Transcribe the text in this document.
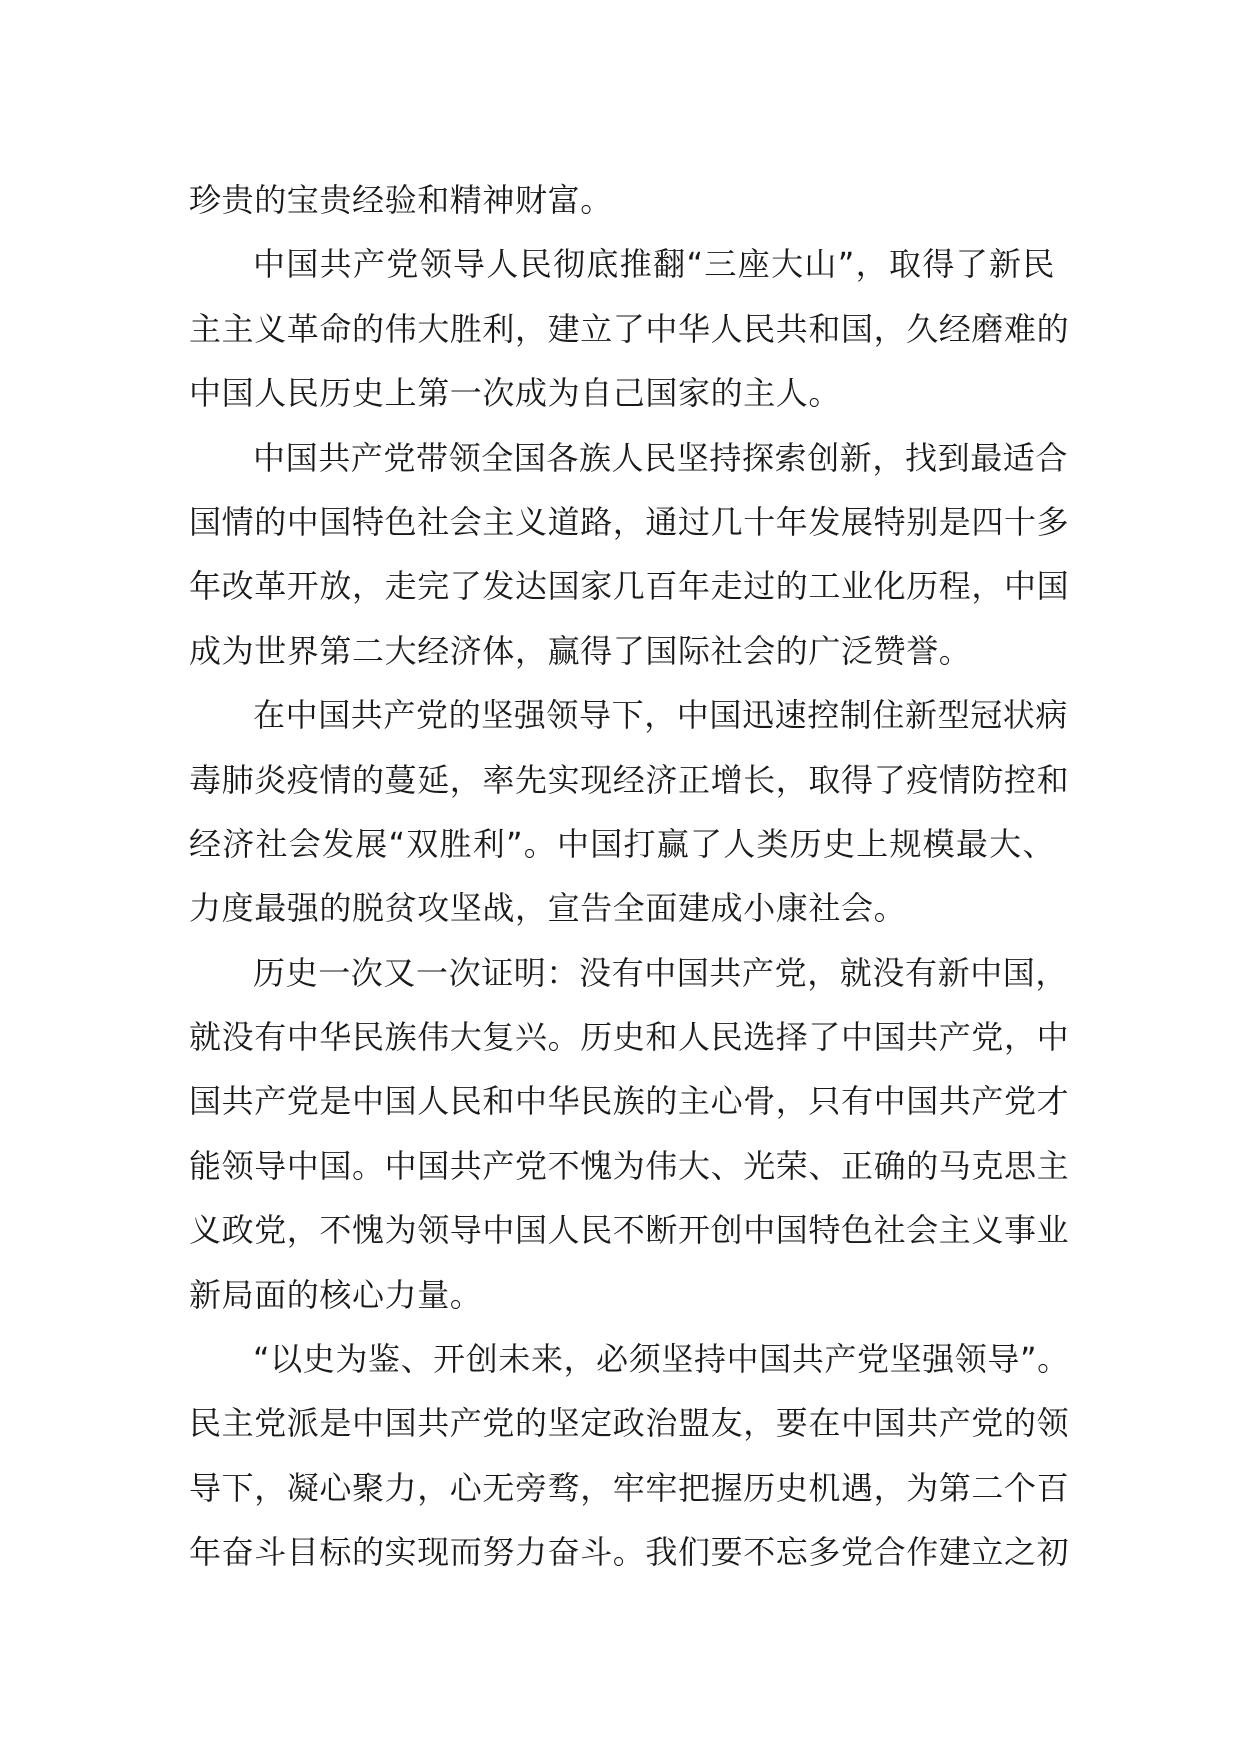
珍贵的宝贵经验和精神财富。
中国共产党领导人民彻底推翻“三座大山”，取得了新民
主主义革命的伟大胜利，建立了中华人民共和国，久经磨难的
中国人民历史上第一次成为自己国家的主人。
中国共产党带领全国各族人民坚持探索创新，找到最适合
国情的中国特色社会主义道路，通过几十年发展特别是四十多
年改革开放，走完了发达国家几百年走过的工业化历程，中国
成为世界第二大经济体，赢得了国际社会的广泛赞誉。
在中国共产党的坚强领导下，中国迅速控制住新型冠状病
毒肺炎疫情的蔓延，率先实现经济正增长，取得了疫情防控和
经济社会发展“双胜利”。中国打赢了人类历史上规模最大、
力度最强的脱贫攻坚战，宣告全面建成小康社会。
历史一次又一次证明：没有中国共产党，就没有新中国，
就没有中华民族伟大复兴。历史和人民选择了中国共产党，中
国共产党是中国人民和中华民族的主心骨，只有中国共产党才
能领导中国。中国共产党不愧为伟大、光荣、正确的马克思主
义政党，不愧为领导中国人民不断开创中国特色社会主义事业
新局面的核心力量。
“以史为鉴、开创未来，必须坚持中国共产党坚强领导”。
民主党派是中国共产党的坚定政治盟友，要在中国共产党的领
导下，凝心聚力，心无旁骛，牢牢把握历史机遇，为第二个百
年奋斗目标的实现而努力奋斗。我们要不忘多党合作建立之初
